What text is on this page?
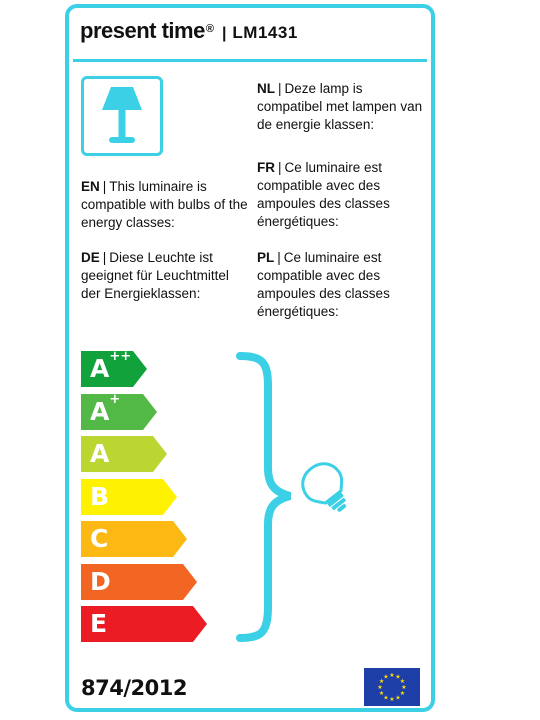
present time ® | LM1431
EN | This luminaire is compatible with bulbs of the energy classes:
DE | Diese Leuchte ist geeignet für Leuchtmittel der Energieklassen:
NL | Deze lamp is compatibel met lampen van de energie klassen:
FR | Ce luminaire est compatible avec des ampoules des classes énergétiques:
PL | Ce luminaire est compatible avec des ampoules des classes énergétiques:
A++
A+
A
B
C
D
E
874/2012
★ ★
★
★
★
★
★
★
★
★
★
★
